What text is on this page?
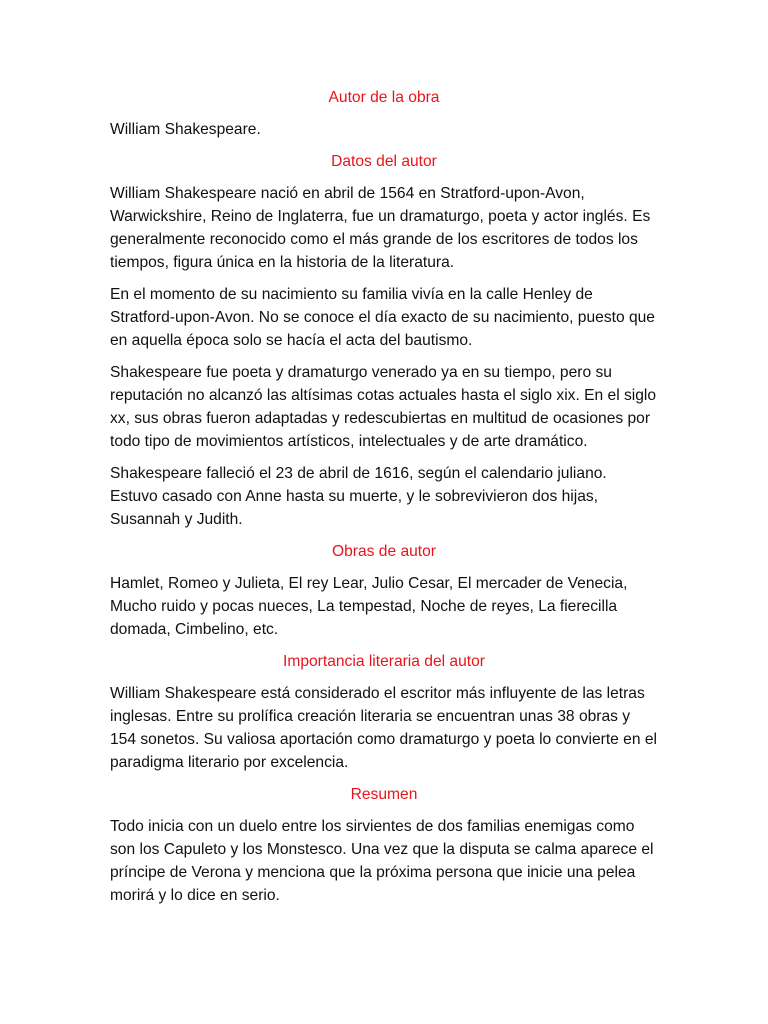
Autor de la obra
William Shakespeare.
Datos del autor
William Shakespeare nació en abril de 1564 en Stratford-upon-Avon, Warwickshire, Reino de Inglaterra, fue un dramaturgo, poeta y actor inglés. Es generalmente reconocido como el más grande de los escritores de todos los tiempos, figura única en la historia de la literatura.
En el momento de su nacimiento su familia vivía en la calle Henley de Stratford-upon-Avon. No se conoce el día exacto de su nacimiento, puesto que en aquella época solo se hacía el acta del bautismo.
Shakespeare fue poeta y dramaturgo venerado ya en su tiempo, pero su reputación no alcanzó las altísimas cotas actuales hasta el siglo xix. En el siglo xx, sus obras fueron adaptadas y redescubiertas en multitud de ocasiones por todo tipo de movimientos artísticos, intelectuales y de arte dramático.
Shakespeare falleció el 23 de abril de 1616, según el calendario juliano. Estuvo casado con Anne hasta su muerte, y le sobrevivieron dos hijas, Susannah y Judith.
Obras de autor
Hamlet, Romeo y Julieta, El rey Lear, Julio Cesar, El mercader de Venecia, Mucho ruido y pocas nueces, La tempestad, Noche de reyes, La fierecilla domada, Cimbelino, etc.
Importancia literaria del autor
William Shakespeare está considerado el escritor más influyente de las letras inglesas. Entre su prolífica creación literaria se encuentran unas 38 obras y 154 sonetos. Su valiosa aportación como dramaturgo y poeta lo convierte en el paradigma literario por excelencia.
Resumen
Todo inicia con un duelo entre los sirvientes de dos familias enemigas como son los Capuleto y los Monstesco. Una vez que la disputa se calma aparece el príncipe de Verona y menciona que la próxima persona que inicie una pelea morirá y lo dice en serio.
